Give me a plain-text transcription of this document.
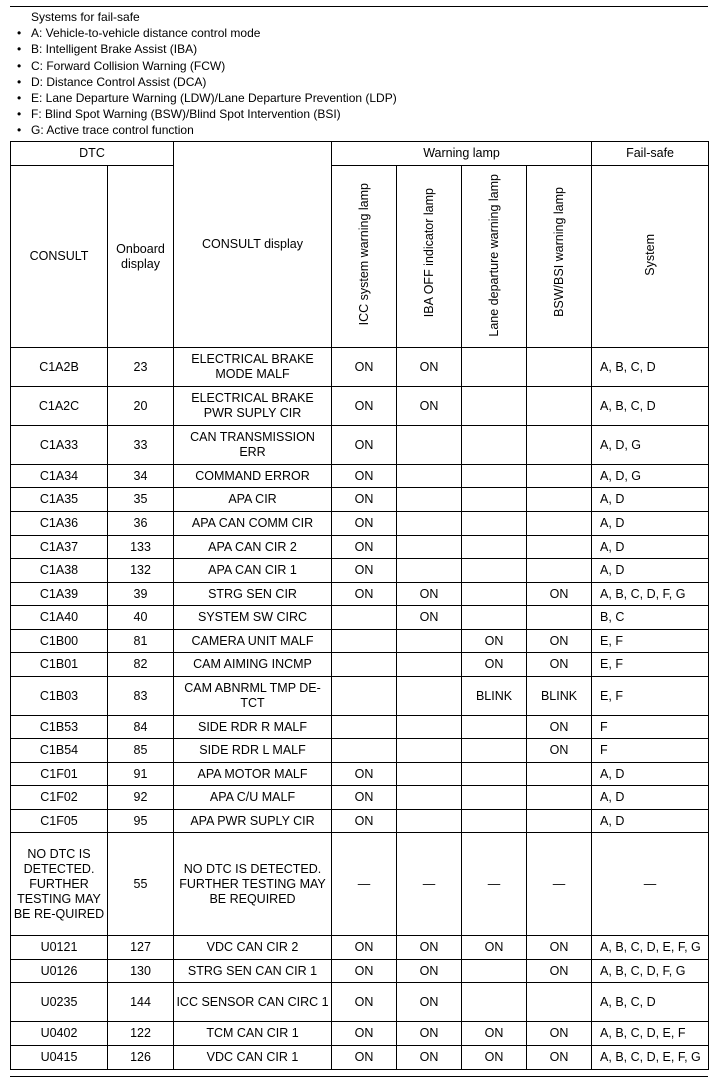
Systems for fail-safe
• A: Vehicle-to-vehicle distance control mode
• B: Intelligent Brake Assist (IBA)
• C: Forward Collision Warning (FCW)
• D: Distance Control Assist (DCA)
• E: Lane Departure Warning (LDW)/Lane Departure Prevention (LDP)
• F: Blind Spot Warning (BSW)/Blind Spot Intervention (BSI)
• G: Active trace control function
DTC		CONSULT display	Warning lamp				Fail-safe
CONSULT	Onboard display		ICC system warning lamp	IBA OFF indicator lamp	Lane departure warning lamp	BSW/BSI warning lamp	System
C1A2B	23	ELECTRICAL BRAKE MODE MALF	ON	ON			A, B, C, D
C1A2C	20	ELECTRICAL BRAKE PWR SUPLY CIR	ON	ON			A, B, C, D
C1A33	33	CAN TRANSMISSION ERR	ON				A, D, G
C1A34	34	COMMAND ERROR	ON				A, D, G
C1A35	35	APA CIR	ON				A, D
C1A36	36	APA CAN COMM CIR	ON				A, D
C1A37	133	APA CAN CIR 2	ON				A, D
C1A38	132	APA CAN CIR 1	ON				A, D
C1A39	39	STRG SEN CIR	ON	ON		ON	A, B, C, D, F, G
C1A40	40	SYSTEM SW CIRC		ON			B, C
C1B00	81	CAMERA UNIT MALF			ON	ON	E, F
C1B01	82	CAM AIMING INCMP			ON	ON	E, F
C1B03	83	CAM ABNRML TMP DE-TCT			BLINK	BLINK	E, F
C1B53	84	SIDE RDR R MALF				ON	F
C1B54	85	SIDE RDR L MALF				ON	F
C1F01	91	APA MOTOR MALF	ON				A, D
C1F02	92	APA C/U MALF	ON				A, D
C1F05	95	APA PWR SUPLY CIR	ON				A, D
NO DTC IS DETECTED. FURTHER TESTING MAY BE RE-QUIRED	55	NO DTC IS DETECTED. FURTHER TESTING MAY BE REQUIRED	—	—	—	—	—
U0121	127	VDC CAN CIR 2	ON	ON	ON	ON	A, B, C, D, E, F, G
U0126	130	STRG SEN CAN CIR 1	ON	ON		ON	A, B, C, D, F, G
U0235	144	ICC SENSOR CAN CIRC 1	ON	ON			A, B, C, D
U0402	122	TCM CAN CIR 1	ON	ON	ON	ON	A, B, C, D, E, F
U0415	126	VDC CAN CIR 1	ON	ON	ON	ON	A, B, C, D, E, F, G
